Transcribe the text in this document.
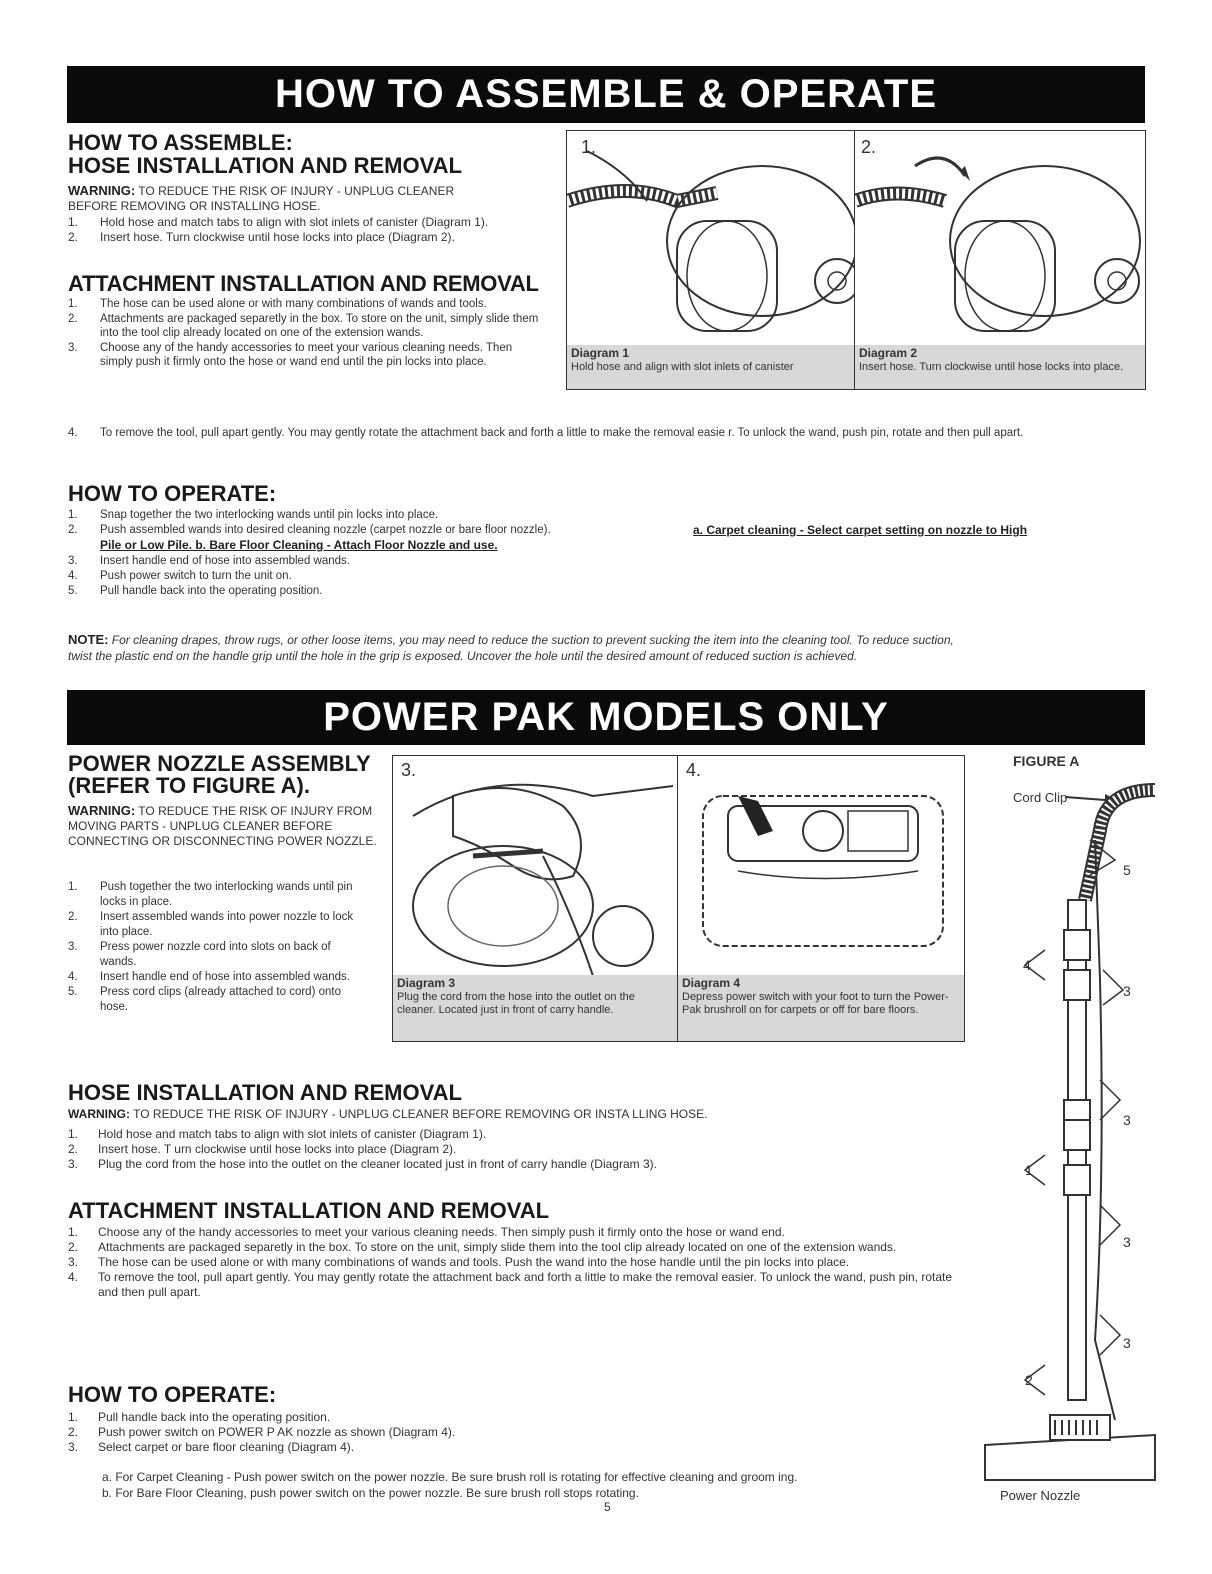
HOW TO ASSEMBLE & OPERATE
HOW TO ASSEMBLE:
HOSE INSTALLATION AND REMOVAL
WARNING: TO REDUCE THE RISK OF INJURY - UNPLUG CLEANER
BEFORE REMOVING OR INSTALLING HOSE.
1. Hold hose and match tabs to align with slot inlets of canister (Diagram 1).
2. Insert hose. Turn clockwise until hose locks into place (Diagram 2).
ATTACHMENT INSTALLATION AND REMOVAL
1. The hose can be used alone or with many combinations of wands and tools.
2. Attachments are packaged separetly in the box. To store on the unit, simply slide them into the tool clip already located on one of the extension wands.
3. Choose any of the handy accessories to meet your various cleaning needs. Then simply push it firmly onto the hose or wand end until the pin locks into place.
4. To remove the tool, pull apart gently. You may gently rotate the attachment back and forth a little to make the removal easie r. To unlock the wand, push pin, rotate and then pull apart.
1.
Diagram 1
Hold hose and align with slot inlets of canister
2.
Diagram 2
Insert hose. Turn clockwise until hose locks into place.
HOW TO OPERATE:
1. Snap together the two interlocking wands until pin locks into place.
2. Push assembled wands into desired cleaning nozzle (carpet nozzle or bare floor nozzle).	a. Carpet cleaning - Select carpet setting on nozzle to High
Pile or Low Pile. b. Bare Floor Cleaning - Attach Floor Nozzle and use.
3. Insert handle end of hose into assembled wands.
4. Push power switch to turn the unit on.
5. Pull handle back into the operating position.
NOTE: For cleaning drapes, throw rugs, or other loose items, you may need to reduce the suction to prevent sucking the item into the cleaning tool. To reduce suction, twist the plastic end on the handle grip until the hole in the grip is exposed. Uncover the hole until the desired amount of reduced suction is achieved.
POWER PAK MODELS ONLY
POWER NOZZLE ASSEMBLY
(REFER TO FIGURE A).
WARNING: TO REDUCE THE RISK OF INJURY FROM MOVING PARTS - UNPLUG CLEANER BEFORE CONNECTING OR DISCONNECTING POWER NOZZLE.
1. Push together the two interlocking wands until pin locks in place.
2. Insert assembled wands into power nozzle to lock into place.
3. Press power nozzle cord into slots on back of wands.
4. Insert handle end of hose into assembled wands.
5. Press cord clips (already attached to cord) onto hose.
3.
Diagram 3
Plug the cord from the hose into the outlet on the cleaner. Located just in front of carry handle.
4.
Diagram 4
Depress power switch with your foot to turn the Power-Pak brushroll on for carpets or off for bare floors.
FIGURE A
Cord Clip
5
4
3
3
1
3
3
2
Power Nozzle
HOSE INSTALLATION AND REMOVAL
WARNING: TO REDUCE THE RISK OF INJURY - UNPLUG CLEANER BEFORE REMOVING OR INSTA LLING HOSE.
1. Hold hose and match tabs to align with slot inlets of canister (Diagram 1).
2. Insert hose. T urn clockwise until hose locks into place (Diagram 2).
3. Plug the cord from the hose into the outlet on the cleaner located just in front of carry handle (Diagram 3).
ATTACHMENT INSTALLATION AND REMOVAL
1. Choose any of the handy accessories to meet your various cleaning needs. Then simply push it firmly onto the hose or wand end.
2. Attachments are packaged separetly in the box. To store on the unit, simply slide them into the tool clip already located on one of the extension wands.
3. The hose can be used alone or with many combinations of wands and tools. Push the wand into the hose handle until the pin locks into place.
4. To remove the tool, pull apart gently. You may gently rotate the attachment back and forth a little to make the removal easier. To unlock the wand, push pin, rotate and then pull apart.
HOW TO OPERATE:
1. Pull handle back into the operating position.
2. Push power switch on POWER P AK nozzle as shown (Diagram 4).
3. Select carpet or bare floor cleaning (Diagram 4).
a. For Carpet Cleaning - Push power switch on the power nozzle. Be sure brush roll is rotating for effective cleaning and groom ing.
b. For Bare Floor Cleaning, push power switch on the power nozzle. Be sure brush roll stops rotating.
5
